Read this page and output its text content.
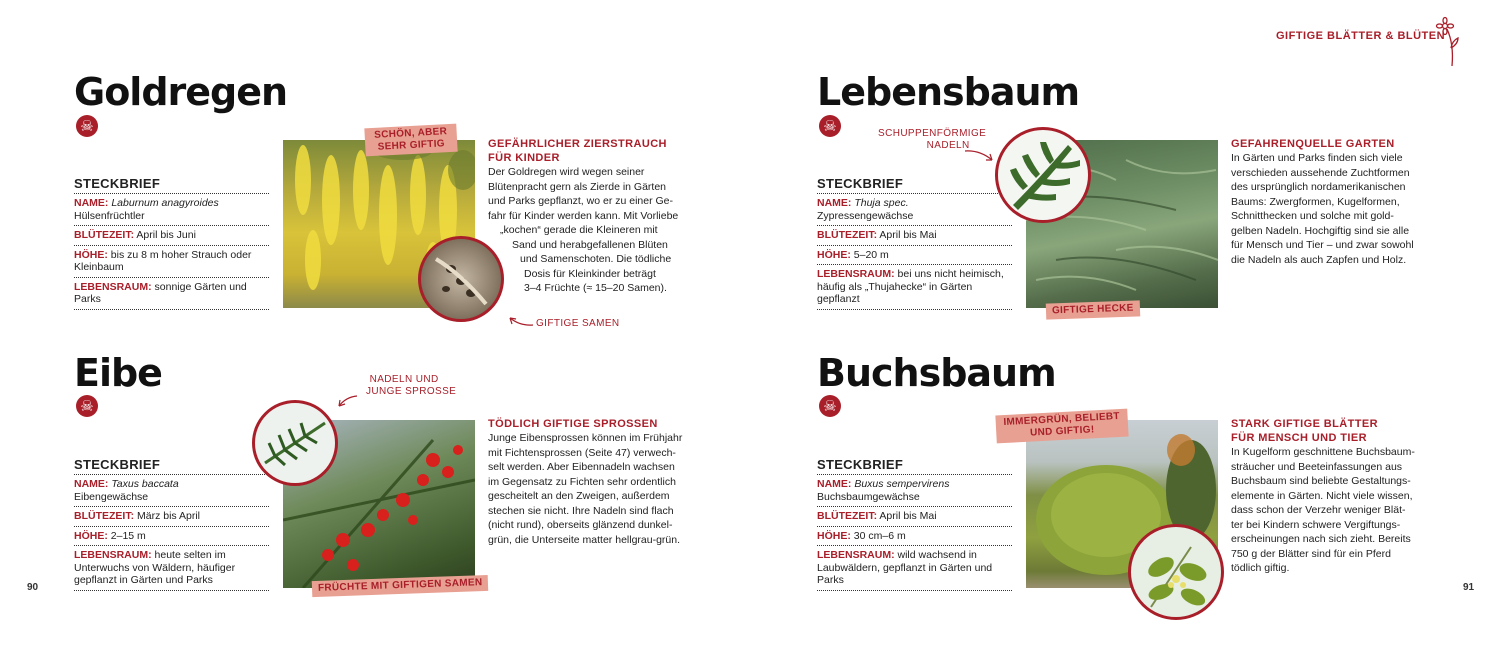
GIFTIGE BLÄTTER & BLÜTEN
Goldregen
☠
STECKBRIEF
NAME: Laburnum anagyroides
Hülsenfrüchtler
BLÜTEZEIT: April bis Juni
HÖHE: bis zu 8 m hoher Strauch oder Kleinbaum
LEBENSRAUM: sonnige Gärten und Parks
SCHÖN, ABER SEHR GIFTIG
GIFTIGE SAMEN
GEFÄHRLICHER ZIERSTRAUCH
FÜR KINDER
Der Goldregen wird wegen seiner
Blütenpracht gern als Zierde in Gärten
und Parks gepflanzt, wo er zu einer Ge-
fahr für Kinder werden kann. Mit Vorliebe
„kochen“ gerade die Kleineren mit
Sand und herabgefallenen Blüten
und Samenschoten. Die tödliche
Dosis für Kleinkinder beträgt
3–4 Früchte (≈ 15–20 Samen).
Eibe
☠
STECKBRIEF
NAME: Taxus baccata
Eibengewächse
BLÜTEZEIT: März bis April
HÖHE: 2–15 m
LEBENSRAUM: heute selten im Unterwuchs von Wäldern, häufiger gepflanzt in Gärten und Parks
NADELN UND
JUNGE SPROSSE
FRÜCHTE MIT GIFTIGEN SAMEN
TÖDLICH GIFTIGE SPROSSEN
Junge Eibensprossen können im Frühjahr
mit Fichtensprossen (Seite 47) verwech-
selt werden. Aber Eibennadeln wachsen
im Gegensatz zu Fichten sehr ordentlich
gescheitelt an den Zweigen, außerdem
stechen sie nicht. Ihre Nadeln sind flach
(nicht rund), oberseits glänzend dunkel-
grün, die Unterseite matter hellgrau-grün.
90
Lebensbaum
☠
STECKBRIEF
NAME: Thuja spec.
Zypressengewächse
BLÜTEZEIT: April bis Mai
HÖHE: 5–20 m
LEBENSRAUM: bei uns nicht heimisch, häufig als „Thujahecke“ in Gärten gepflanzt
SCHUPPENFÖRMIGE
NADELN
GIFTIGE HECKE
GEFAHRENQUELLE GARTEN
In Gärten und Parks finden sich viele
verschieden aussehende Zuchtformen
des ursprünglich nordamerikanischen
Baums: Zwergformen, Kugelformen,
Schnitthecken und solche mit gold-
gelben Nadeln. Hochgiftig sind sie alle
für Mensch und Tier – und zwar sowohl
die Nadeln als auch Zapfen und Holz.
Buchsbaum
☠
STECKBRIEF
NAME: Buxus sempervirens
Buchsbaumgewächse
BLÜTEZEIT: April bis Mai
HÖHE: 30 cm–6 m
LEBENSRAUM: wild wachsend in Laubwäldern, gepflanzt in Gärten und Parks
IMMERGRÜN, BELIEBT UND GIFTIG!
STARK GIFTIGE BLÄTTER
FÜR MENSCH UND TIER
In Kugelform geschnittene Buchsbaum-
sträucher und Beeteinfassungen aus
Buchsbaum sind beliebte Gestaltungs-
elemente in Gärten. Nicht viele wissen,
dass schon der Verzehr weniger Blät-
ter bei Kindern schwere Vergiftungs-
erscheinungen nach sich zieht. Bereits
750 g der Blätter sind für ein Pferd
tödlich giftig.
91
